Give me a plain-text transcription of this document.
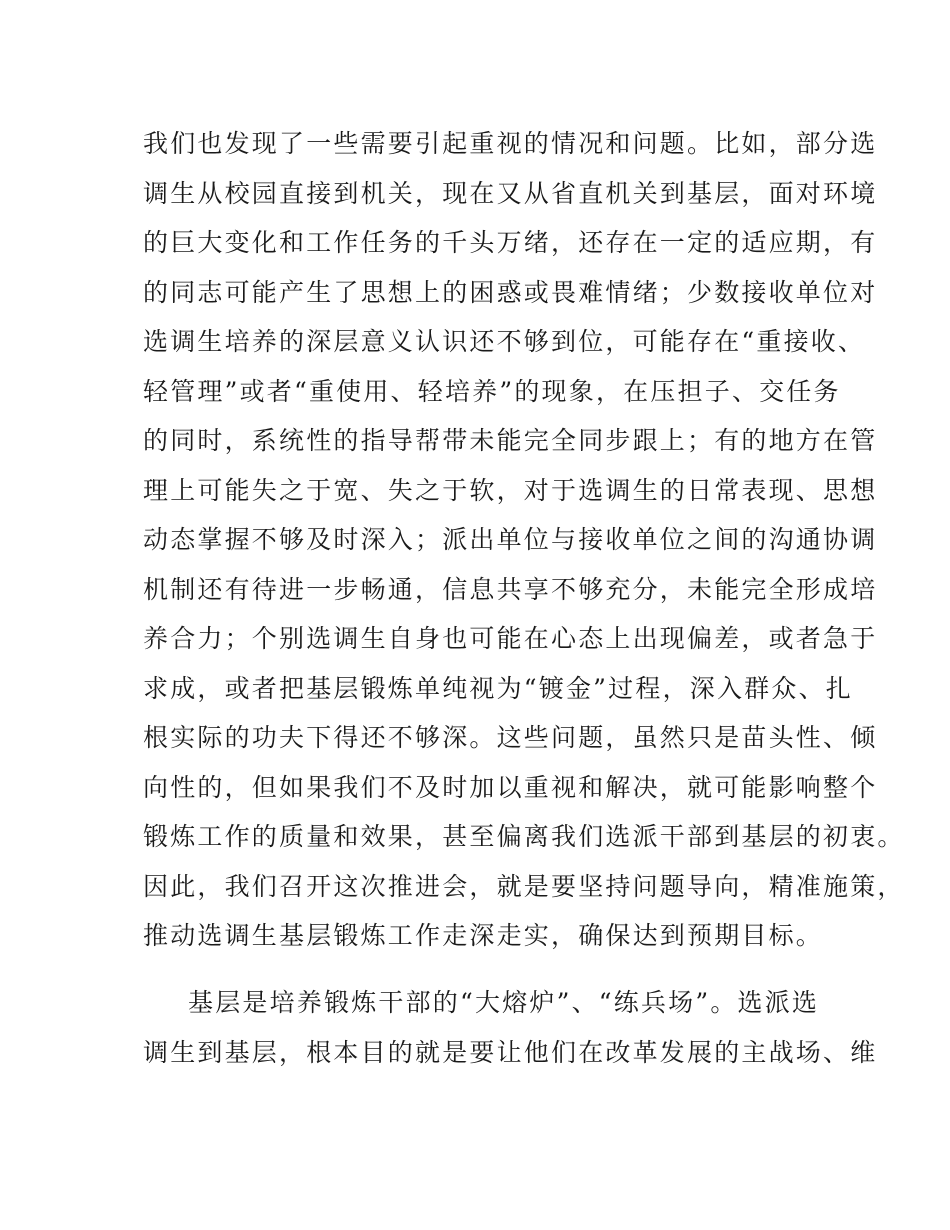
我们也发现了一些需要引起重视的情况和问题。比如，部分选
调生从校园直接到机关，现在又从省直机关到基层，面对环境
的巨大变化和工作任务的千头万绪，还存在一定的适应期，有
的同志可能产生了思想上的困惑或畏难情绪；少数接收单位对
选调生培养的深层意义认识还不够到位，可能存在“重接收、
轻管理”或者“重使用、轻培养”的现象，在压担子、交任务
的同时，系统性的指导帮带未能完全同步跟上；有的地方在管
理上可能失之于宽、失之于软，对于选调生的日常表现、思想
动态掌握不够及时深入；派出单位与接收单位之间的沟通协调
机制还有待进一步畅通，信息共享不够充分，未能完全形成培
养合力；个别选调生自身也可能在心态上出现偏差，或者急于
求成，或者把基层锻炼单纯视为“镀金”过程，深入群众、扎
根实际的功夫下得还不够深。这些问题，虽然只是苗头性、倾
向性的，但如果我们不及时加以重视和解决，就可能影响整个
锻炼工作的质量和效果，甚至偏离我们选派干部到基层的初衷。
因此，我们召开这次推进会，就是要坚持问题导向，精准施策，
推动选调生基层锻炼工作走深走实，确保达到预期目标。
基层是培养锻炼干部的“大熔炉”、“练兵场”。选派选
调生到基层，根本目的就是要让他们在改革发展的主战场、维
